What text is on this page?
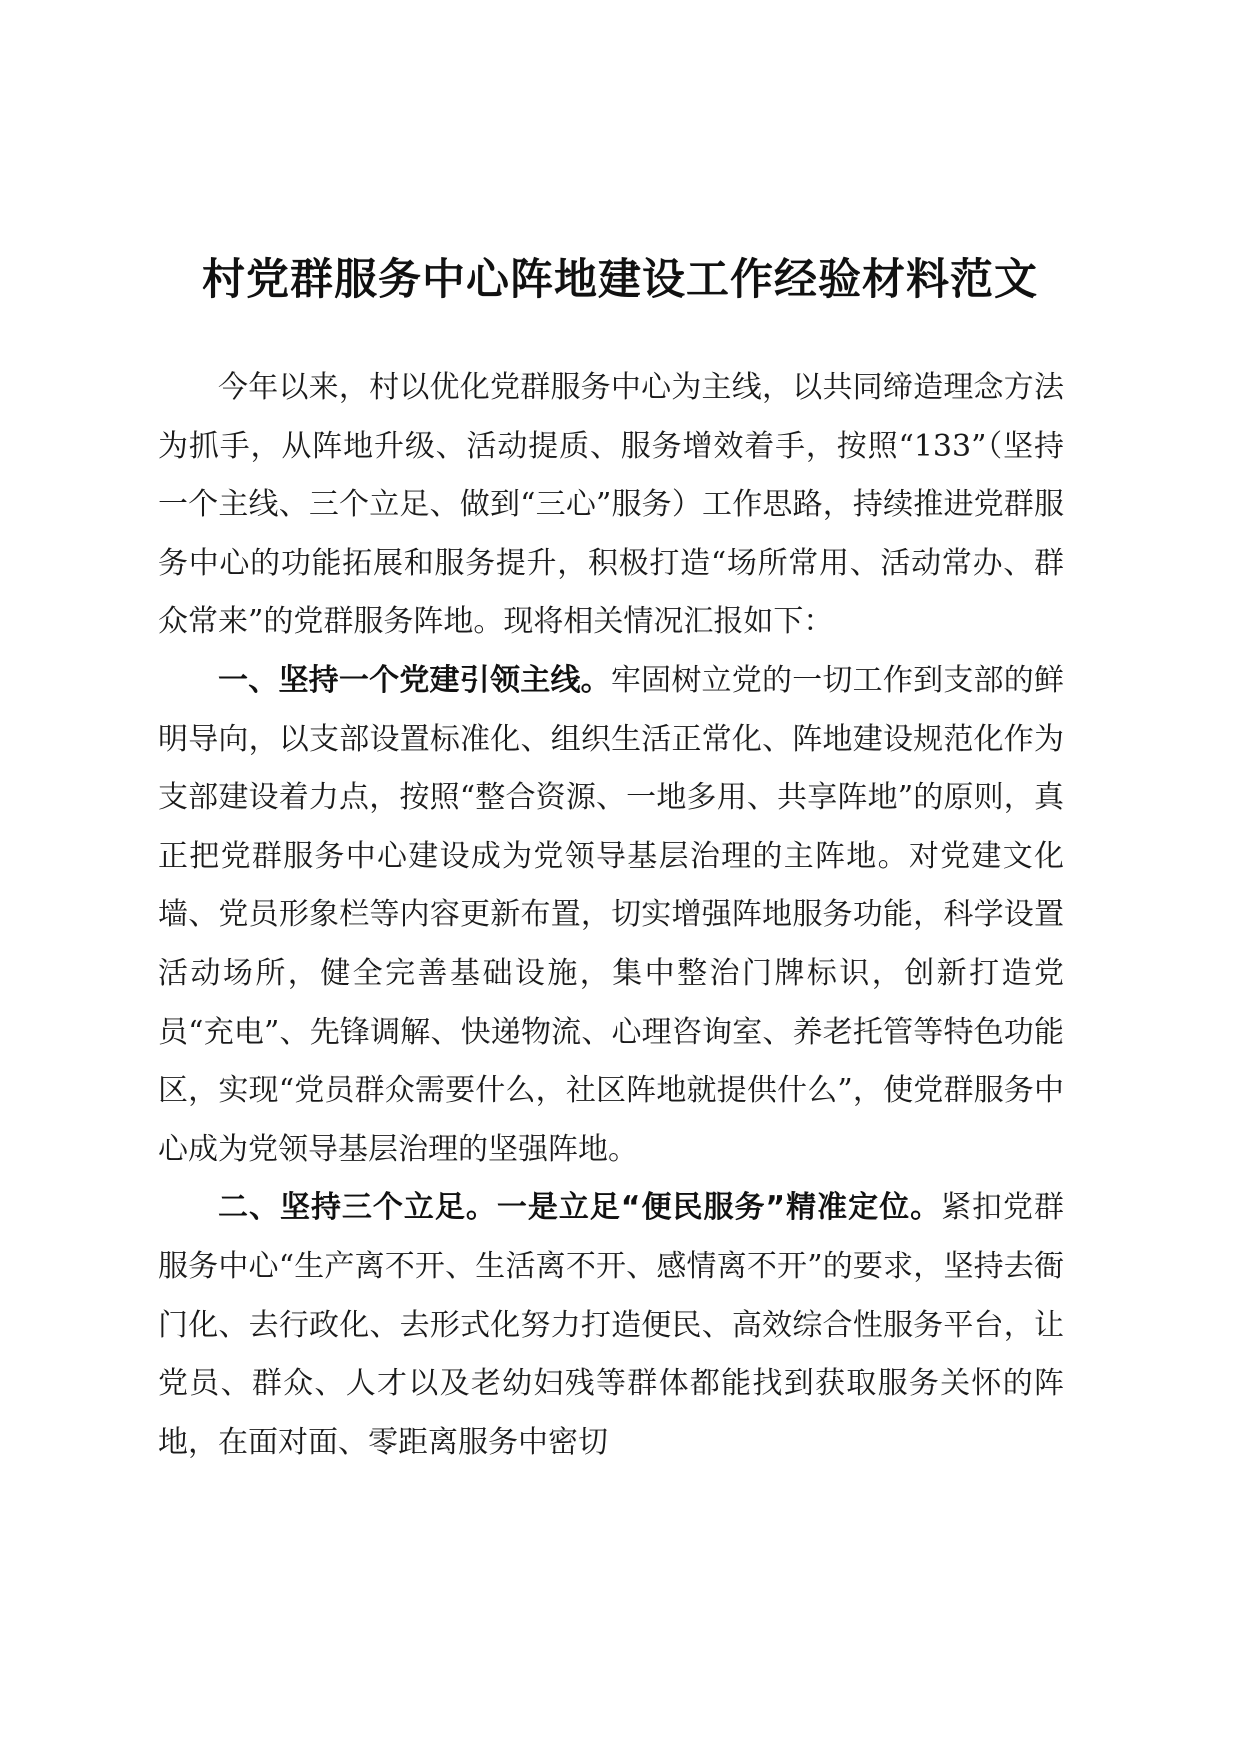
村党群服务中心阵地建设工作经验材料范文

今年以来，村以优化党群服务中心为主线，以共同缔造理念方法为抓手，从阵地升级、活动提质、服务增效着手，按照“133”（坚持一个主线、三个立足、做到“三心”服务）工作思路，持续推进党群服务中心的功能拓展和服务提升，积极打造“场所常用、活动常办、群众常来”的党群服务阵地。现将相关情况汇报如下：

一、坚持一个党建引领主线。牢固树立党的一切工作到支部的鲜明导向，以支部设置标准化、组织生活正常化、阵地建设规范化作为支部建设着力点，按照“整合资源、一地多用、共享阵地”的原则，真正把党群服务中心建设成为党领导基层治理的主阵地。对党建文化墙、党员形象栏等内容更新布置，切实增强阵地服务功能，科学设置活动场所，健全完善基础设施，集中整治门牌标识，创新打造党员“充电”、先锋调解、快递物流、心理咨询室、养老托管等特色功能区，实现“党员群众需要什么，社区阵地就提供什么”，使党群服务中心成为党领导基层治理的坚强阵地。

二、坚持三个立足。一是立足“便民服务”精准定位。紧扣党群服务中心“生产离不开、生活离不开、感情离不开”的要求，坚持去衙门化、去行政化、去形式化努力打造便民、高效综合性服务平台，让党员、群众、人才以及老幼妇残等群体都能找到获取服务关怀的阵地，在面对面、零距离服务中密切
